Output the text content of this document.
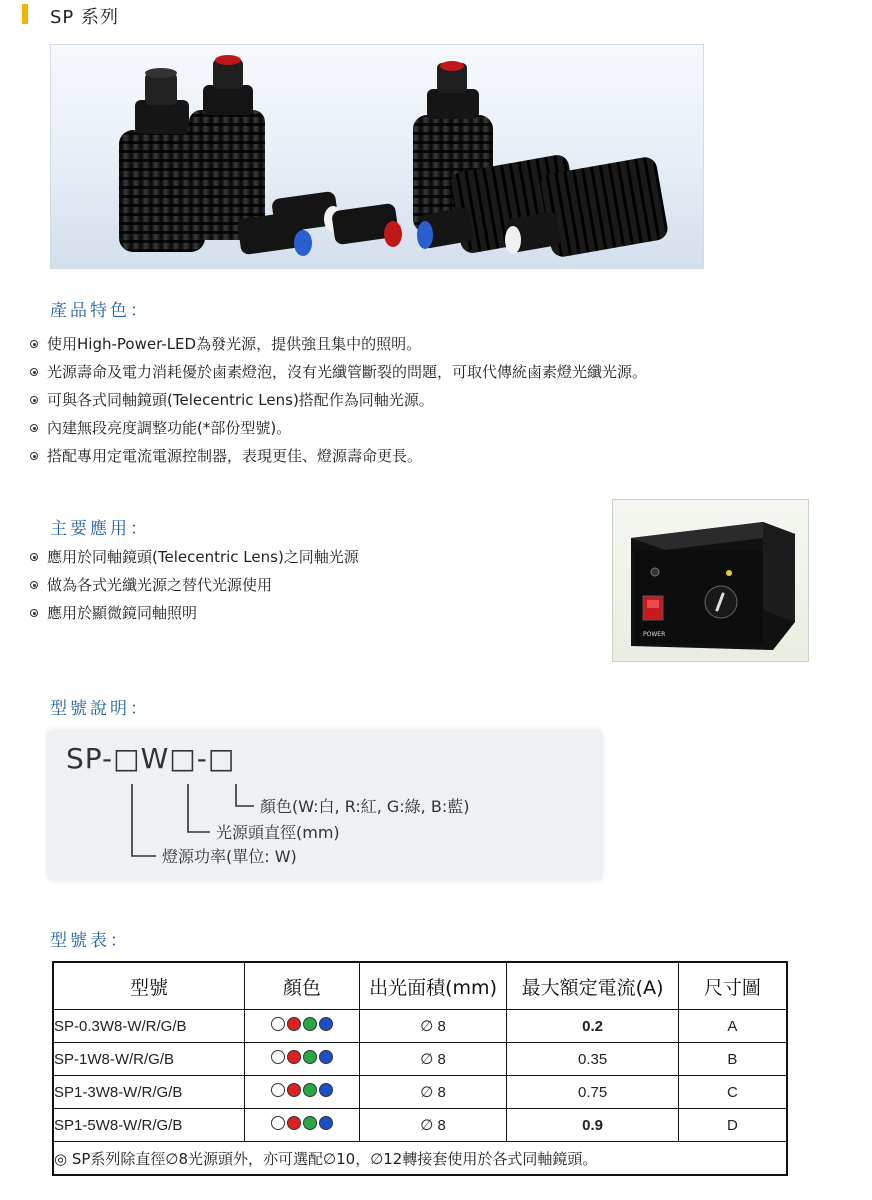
SP 系列
產品特色：
使用High-Power-LED為發光源，提供強且集中的照明。
光源壽命及電力消耗優於鹵素燈泡，沒有光纖管斷裂的問題，可取代傳統鹵素燈光纖光源。
可與各式同軸鏡頭(Telecentric Lens)搭配作為同軸光源。
內建無段亮度調整功能(*部份型號)。
搭配專用定電流電源控制器，表現更佳、燈源壽命更長。
主要應用：
應用於同軸鏡頭(Telecentric Lens)之同軸光源
做為各式光纖光源之替代光源使用
應用於顯微鏡同軸照明
POWER
型號說明：
SP-□W□-□
顏色(W:白, R:紅, G:綠, B:藍)
光源頭直徑(mm)
燈源功率(單位: W)
型號表：
型號	顏色	出光面積(mm)	最大額定電流(A)	尺寸圖
SP-0.3W8-W/R/G/B		∅ 8	0.2	A
SP-1W8-W/R/G/B		∅ 8	0.35	B
SP1-3W8-W/R/G/B		∅ 8	0.75	C
SP1-5W8-W/R/G/B		∅ 8	0.9	D
◎ SP系列除直徑∅8光源頭外，亦可選配∅10，∅12轉接套使用於各式同軸鏡頭。				
